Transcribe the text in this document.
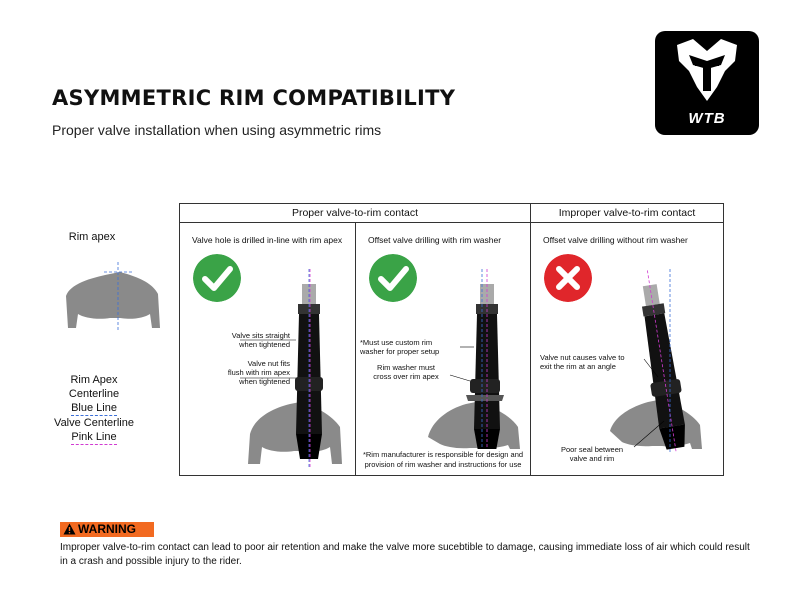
ASYMMETRIC RIM COMPATIBILITY
Proper valve installation when using asymmetric rims
WTB
Rim apex
Rim Apex Centerline
Blue Line
Valve Centerline
Pink Line
Proper valve-to-rim contact	Improper valve-to-rim contact
Valve hole is drilled in-line with rim apex
Valve sits straight
when tightened
Valve nut fits
flush with rim apex
when tightened
Offset valve drilling with rim washer
*Must use custom rim
washer for proper setup
Rim washer must
cross over rim apex
*Rim manufacturer is responsible for design and
provision of rim washer and instructions for use
Offset valve drilling without rim washer
Valve nut causes valve to
exit the rim at an angle
Poor seal between
valve and rim
WARNING
Improper valve-to-rim contact can lead to poor air retention and make the valve more sucebtible to damage, causing immediate loss of air which could result in a crash and possible injury to the rider.
